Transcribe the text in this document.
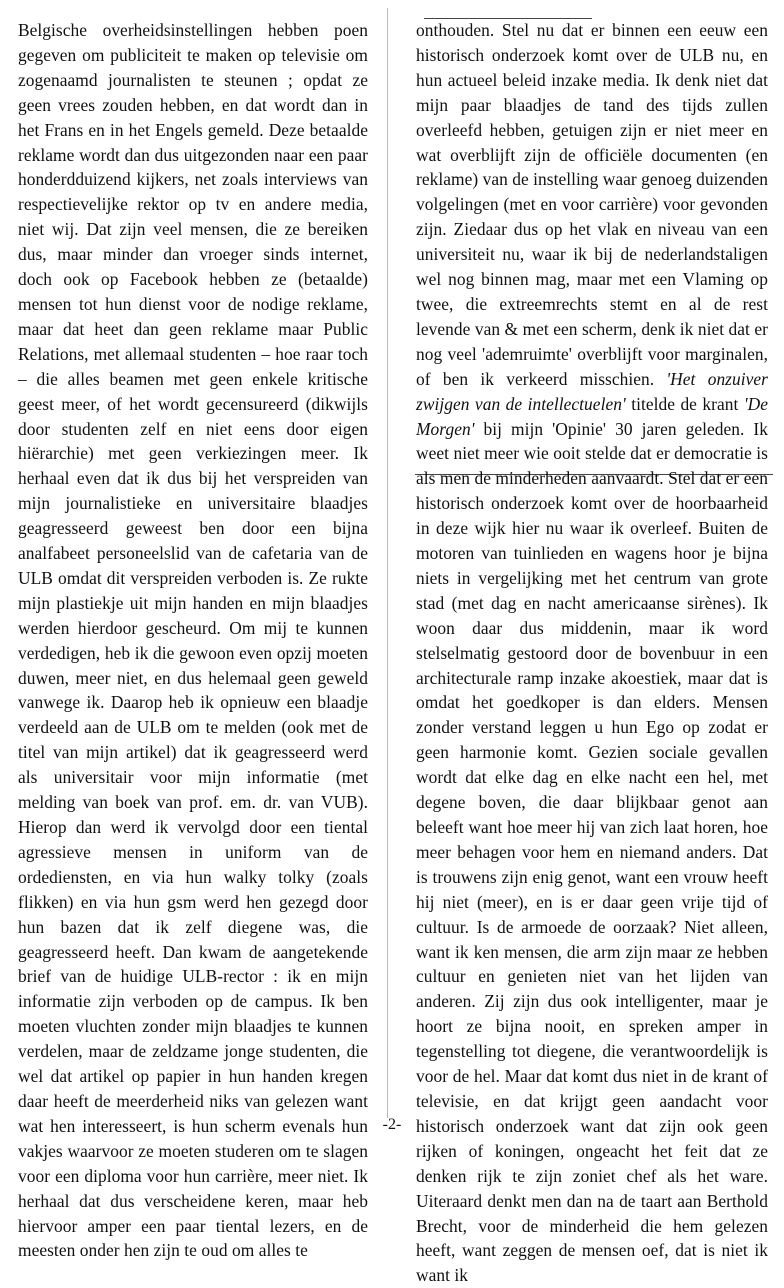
Belgische overheidsinstellingen hebben poen gegeven om publiciteit te maken op televisie om zogenaamd journalisten te steunen ; opdat ze geen vrees zouden hebben, en dat wordt dan in het Frans en in het Engels gemeld. Deze betaalde reklame wordt dan dus uitgezonden naar een paar honderdduizend kijkers, net zoals interviews van respectievelijke rektor op tv en andere media, niet wij. Dat zijn veel mensen, die ze bereiken dus, maar minder dan vroeger sinds internet, doch ook op Facebook hebben ze (betaalde) mensen tot hun dienst voor de nodige reklame, maar dat heet dan geen reklame maar Public Relations, met allemaal studenten – hoe raar toch – die alles beamen met geen enkele kritische geest meer, of het wordt gecensureerd (dikwijls door studenten zelf en niet eens door eigen hiërarchie) met geen verkiezingen meer. Ik herhaal even dat ik dus bij het verspreiden van mijn journalistieke en universitaire blaadjes geagresseerd geweest ben door een bijna analfabeet personeelslid van de cafetaria van de ULB omdat dit verspreiden verboden is. Ze rukte mijn plastiekje uit mijn handen en mijn blaadjes werden hierdoor gescheurd. Om mij te kunnen verdedigen, heb ik die gewoon even opzij moeten duwen, meer niet, en dus helemaal geen geweld vanwege ik. Daarop heb ik opnieuw een blaadje verdeeld aan de ULB om te melden (ook met de titel van mijn artikel) dat ik geagresseerd werd als universitair voor mijn informatie (met melding van boek van prof. em. dr. van VUB). Hierop dan werd ik vervolgd door een tiental agressieve mensen in uniform van de ordediensten, en via hun walky tolky (zoals flikken) en via hun gsm werd hen gezegd door hun bazen dat ik zelf diegene was, die geagresseerd heeft. Dan kwam de aangetekende brief van de huidige ULB-rector : ik en mijn informatie zijn verboden op de campus. Ik ben moeten vluchten zonder mijn blaadjes te kunnen verdelen, maar de zeldzame jonge studenten, die wel dat artikel op papier in hun handen kregen daar heeft de meerderheid niks van gelezen want wat hen interesseert, is hun scherm evenals hun vakjes waarvoor ze moeten studeren om te slagen voor een diploma voor hun carrière, meer niet. Ik herhaal dat dus verscheidene keren, maar heb hiervoor amper een paar tiental lezers, en de meesten onder hen zijn te oud om alles te

onthouden. Stel nu dat er binnen een eeuw een historisch onderzoek komt over de ULB nu, en hun actueel beleid inzake media. Ik denk niet dat mijn paar blaadjes de tand des tijds zullen overleefd hebben, getuigen zijn er niet meer en wat overblijft zijn de officiële documenten (en reklame) van de instelling waar genoeg duizenden volgelingen (met en voor carrière) voor gevonden zijn. Ziedaar dus op het vlak en niveau van een universiteit nu, waar ik bij de nederlandstaligen wel nog binnen mag, maar met een Vlaming op twee, die extreemrechts stemt en al de rest levende van & met een scherm, denk ik niet dat er nog veel 'ademruimte' overblijft voor marginalen, of ben ik verkeerd misschien. 'Het onzuiver zwijgen van de intellectuelen' titelde de krant 'De Morgen' bij mijn 'Opinie' 30 jaren geleden. Ik weet niet meer wie ooit stelde dat er democratie is als men de minderheden aanvaardt. Stel dat er een historisch onderzoek komt over de hoorbaarheid in deze wijk hier nu waar ik overleef. Buiten de motoren van tuinlieden en wagens hoor je bijna niets in vergelijking met het centrum van grote stad (met dag en nacht americaanse sirènes). Ik woon daar dus middenin, maar ik word stelselmatig gestoord door de bovenbuur in een architecturale ramp inzake akoestiek, maar dat is omdat het goedkoper is dan elders. Mensen zonder verstand leggen u hun Ego op zodat er geen harmonie komt. Gezien sociale gevallen wordt dat elke dag en elke nacht een hel, met degene boven, die daar blijkbaar genot aan beleeft want hoe meer hij van zich laat horen, hoe meer behagen voor hem en niemand anders. Dat is trouwens zijn enig genot, want een vrouw heeft hij niet (meer), en is er daar geen vrije tijd of cultuur. Is de armoede de oorzaak? Niet alleen, want ik ken mensen, die arm zijn maar ze hebben cultuur en genieten niet van het lijden van anderen. Zij zijn dus ook intelligenter, maar je hoort ze bijna nooit, en spreken amper in tegenstelling tot diegene, die verantwoordelijk is voor de hel. Maar dat komt dus niet in de krant of televisie, en dat krijgt geen aandacht voor historisch onderzoek want dat zijn ook geen rijken of koningen, ongeacht het feit dat ze denken rijk te zijn zoniet chef als het ware. Uiteraard denkt men dan na de taart aan Berthold Brecht, voor de minderheid die hem gelezen heeft, want zeggen de mensen oef, dat is niet ik want ik

-2-
